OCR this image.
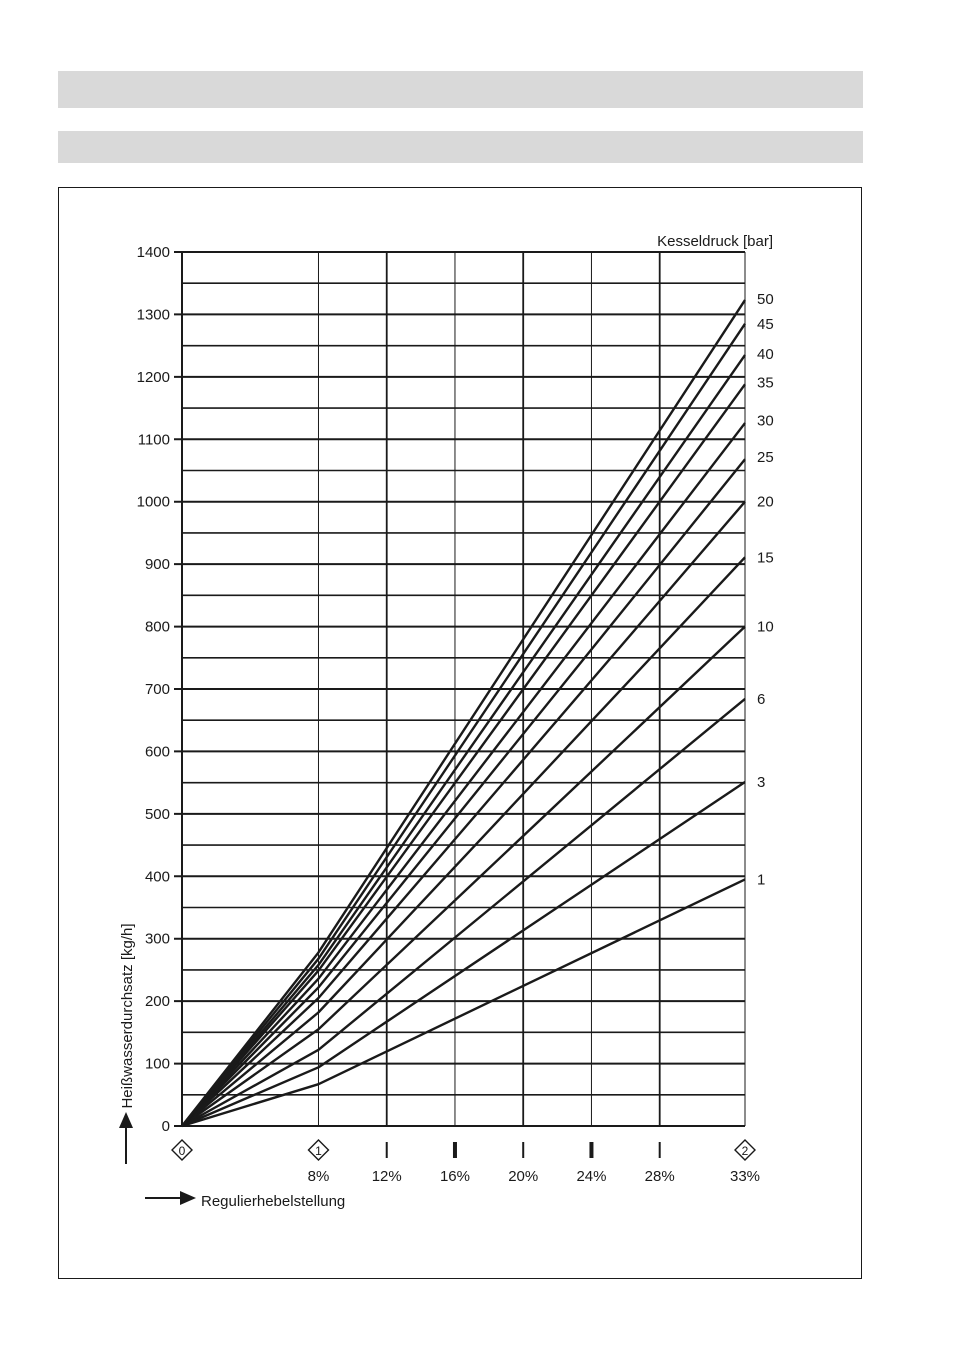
0
100
200
300
400
500
600
700
800
900
1000
1100
1200
1300
1400
0	1
8%	12%	16%	20%	24%	28%
2
33%
1
3
6
10
15
20
25
30
35
40
45
50
Kesseldruck [bar]
Heißwasserdurchsatz [kg/h]
Regulierhebelstellung
